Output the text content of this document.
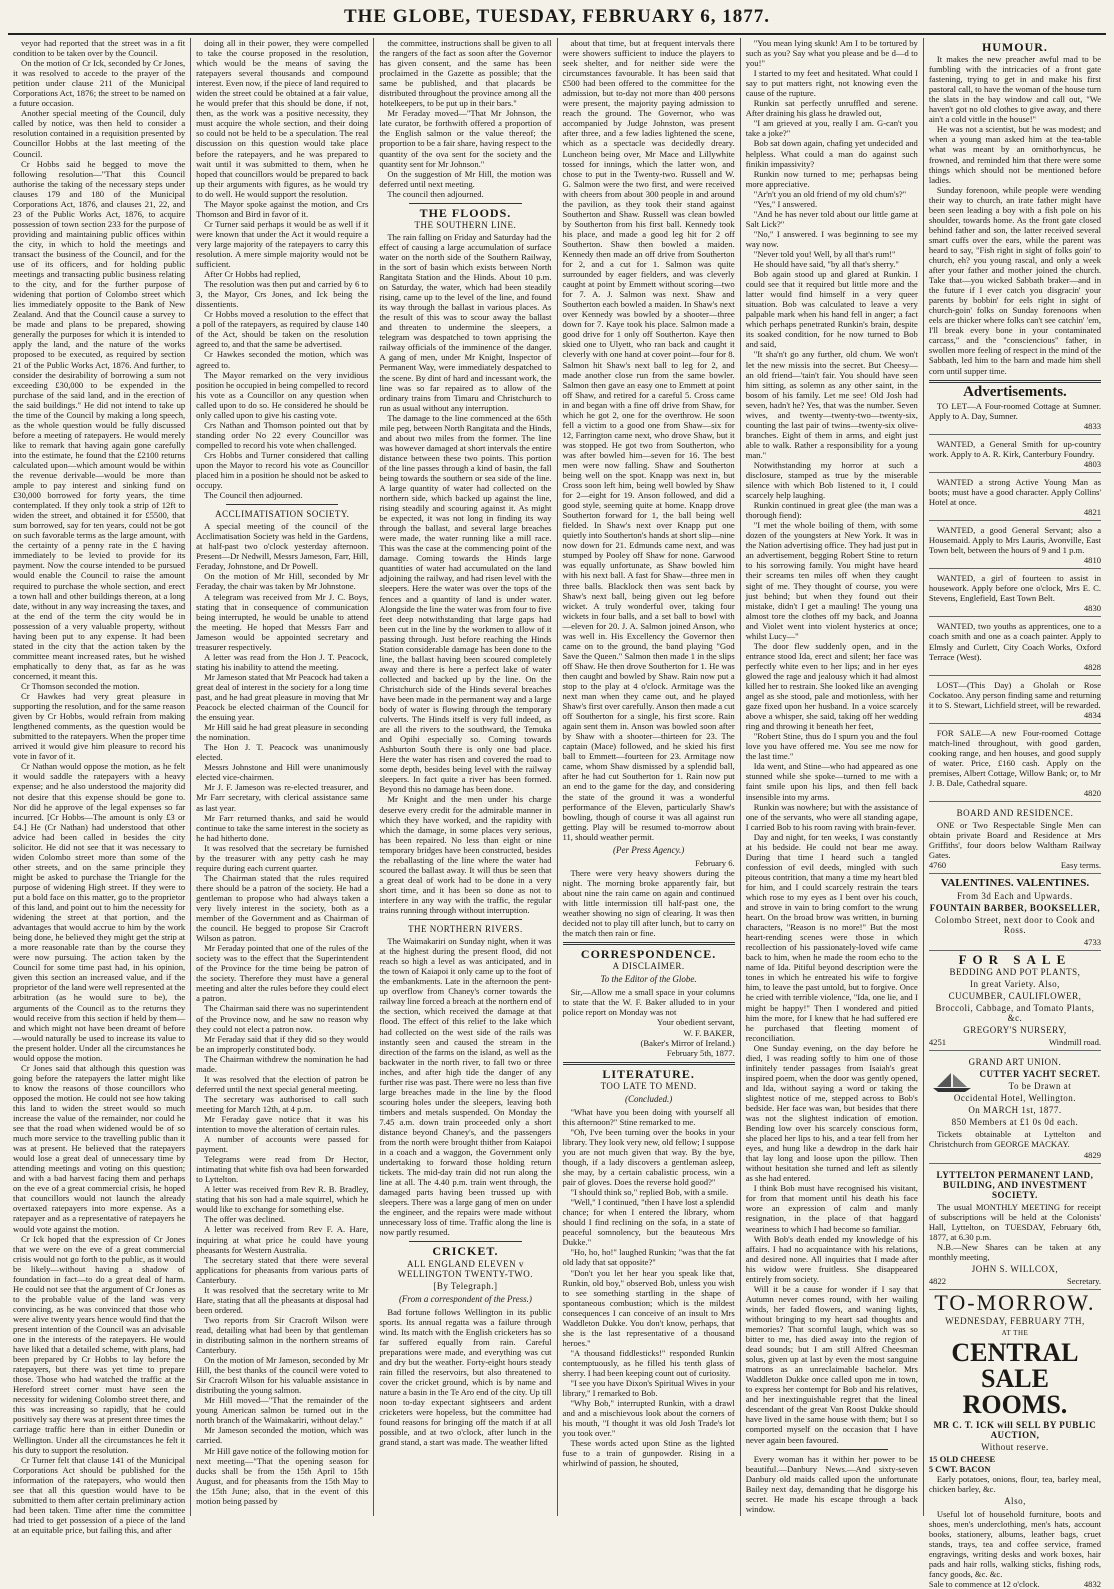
THE GLOBE, TUESDAY, FEBRUARY 6, 1877.

veyor had reported that the street was in a fit condition to be taken over by the Council.

On the motion of Cr Ick, seconded by Cr Jones, it was resolved to accede to the prayer of the petition under clause 211 of the Municipal Corporations Act, 1876; the street to be named on a future occasion.

Another special meeting of the Council, duly called by notice, was then held to consider a resolution contained in a requisition presented by Councillor Hobbs at the last meeting of the Council.

Cr Hobbs said he begged to move the following resolution—"That this Council authorise the taking of the necessary steps under clauses 179 and 180 of the Municipal Corporations Act, 1876, and clauses 21, 22, and 23 of the Public Works Act, 1876, to acquire possession of town section 233 for the purpose of providing and maintaining public offices within the city, in which to hold the meetings and transact the business of the Council, and for the use of its officers, and for holding public meetings and transacting public business relating to the city, and for the further purpose of widening that portion of Colombo street which lies immediately opposite to the Bank of New Zealand. And that the Council cause a survey to be made and plans to be prepared, showing generally the purposes for which it is intended to apply the land, and the nature of the works proposed to be executed, as required by section 21 of the Public Works Act, 1876. And further, to consider the desirability of borrowing a sum not exceeding £30,000 to be expended in the purchase of the said land, and in the erection of the said buildings." He did not intend to take up the time of the Council by making a long speech, as the whole question would be fully discussed before a meeting of ratepayers. He would merely like to remark that having again gone carefully into the estimate, he found that the £2100 returns calculated upon—which amount would be within the revenue derivable—would be more than ample to pay interest and sinking fund on £30,000 borrowed for forty years, the time contemplated. If they only took a strip of 12ft to widen the street, and obtained it for £5500, that sum borrowed, say for ten years, could not be got on such favorable terms as the large amount, with the certainty of a penny rate in the £ having immediately to be levied to provide for its payment. Now the course intended to be pursued would enable the Council to raise the amount required to purchase the whole section, and erect a town hall and other buildings thereon, at a long date, without in any way increasing the taxes, and at the end of the term the city would be in possession of a very valuable property, without having been put to any expense. It had been stated in the city that the action taken by the committee meant increased rates, but he wished emphatically to deny that, as far as he was concerned, it meant this.

Cr Thomson seconded the motion.

Cr Hawkes had very great pleasure in supporting the resolution, and for the same reason given by Cr Hobbs, would refrain from making lengthened comments, as the question would be submitted to the ratepayers. When the proper time arrived it would give him pleasure to record his vote in favor of it.

Cr Nathan would oppose the motion, as he felt it would saddle the ratepayers with a heavy expense; and he also understood the majority did not desire that this expense should be gone to. Nor did he approve of the legal expenses so far incurred. [Cr Hobbs—The amount is only £3 or £4.] He (Cr Nathan) had understood that other advice had been called in besides the city solicitor. He did not see that it was necessary to widen Colombo street more than some of the other streets, and on the same principle they might be asked to purchase the Triangle for the purpose of widening High street. If they were to put a bold face on this matter, go to the proprietor of this land, and point out to him the necessity for widening the street at that portion, and the advantages that would accrue to him by the work being done, he believed they might get the strip at a more reasonable rate than by the course they were now pursuing. The action taken by the Council for some time past had, in his opinion, given this section an increased value, and if the proprietor of the land were well represented at the arbitration (as he would sure to be), the arguments of the Council as to the returns they would receive from this section if held by them—and which might not have been dreamt of before—would naturally be used to increase its value to the present holder. Under all the circumstances he would oppose the motion.

Cr Jones said that although this question was going before the ratepayers the latter might like to know the reasons of those councillors who opposed the motion. He could not see how taking this land to widen the street would so much increase the value of the remainder, nor could he see that the road when widened would be of so much more service to the travelling public than it was at present. He believed that the ratepayers would lose a great deal of unnecessary time by attending meetings and voting on this question; and with a bad harvest facing them and perhaps on the eve of a great commercial crisis, he hoped that councillors would not launch the already overtaxed ratepayers into more expense. As a ratepayer and as a representative of ratepayers he would vote against the motion.

Cr Ick hoped that the expression of Cr Jones that we were on the eve of a great commercial crisis would not go forth to the public, as it would be likely—without having a shadow of foundation in fact—to do a great deal of harm. He could not see that the argument of Cr Jones as to the probable value of the land was very convincing, as he was convinced that those who were alive twenty years hence would find that the present intention of the Council was an advisable one in the interests of the ratepayers. He would have liked that a detailed scheme, with plans, had been prepared by Cr Hobbs to lay before the ratepayers, but there was yet time to prepare those. Those who had watched the traffic at the Hereford street corner must have seen the necessity for widening Colombo street there, and this was increasing so rapidly, that he could positively say there was at present three times the carriage traffic here than in either Dunedin or Wellington. Under all the circumstances he felt it his duty to support the resolution.

Cr Turner felt that clause 141 of the Municipal Corporations Act should be published for the information of the ratepayers, who would then see that all this question would have to be submitted to them after certain preliminary action had been taken. Time after time the committee had tried to get possession of a piece of the land at an equitable price, but failing this, and after

doing all in their power, they were compelled to take the course proposed in the resolution, which would be the means of saving the ratepayers several thousands and compound interest. Even now, if the piece of land required to widen the street could be obtained at a fair value, he would prefer that this should be done, if not, then, as the work was a positive necessity, they must acquire the whole section, and their doing so could not be held to be a speculation. The real discussion on this question would take place before the ratepayers, and he was prepared to wait until it was submitted to them, when he hoped that councillors would be prepared to back up their arguments with figures, as he would try to do well. He would support the resolution.

The Mayor spoke against the motion, and Crs Thomson and Bird in favor of it.

Cr Turner said perhaps it would be as well if it were known that under the Act it would require a very large majority of the ratepayers to carry this resolution. A mere simple majority would not be sufficient.

After Cr Hobbs had replied,

The resolution was then put and carried by 6 to 3, the Mayor, Crs Jones, and Ick being the dissentients.

Cr Hobbs moved a resolution to the effect that a poll of the ratepayers, as required by clause 140 of the Act, should be taken on the resolution agreed to, and that the same be advertised.

Cr Hawkes seconded the motion, which was agreed to.

The Mayor remarked on the very invidious position he occupied in being compelled to record his vote as a Councillor on any question when called upon to do so. He considered he should be only called upon to give his casting vote.

Crs Nathan and Thomson pointed out that by standing order No 22 every Councillor was compelled to record his vote when challenged.

Crs Hobbs and Turner considered that calling upon the Mayor to record his vote as Councillor placed him in a position he should not be asked to occupy.

The Council then adjourned.

ACCLIMATISATION SOCIETY.

A special meeting of the council of the Acclimatisation Society was held in the Gardens, at half-past two o'clock yesterday afternoon. Present—Dr Nedwill, Messrs Jameson, Farr, Hill, Feraday, Johnstone, and Dr Powell.

On the motion of Mr Hill, seconded by Mr Feraday, the chair was taken by Mr Johnstone.

A telegram was received from Mr J. C. Boys, stating that in consequence of communication being interrupted, he would be unable to attend the meeting. He hoped that Messrs Farr and Jameson would be appointed secretary and treasurer respectively.

A letter was read from the Hon J. T. Peacock, stating his inability to attend the meeting.

Mr Jameson stated that Mr Peacock had taken a great deal of interest in the society for a long time past, and he had great pleasure in moving that Mr Peacock be elected chairman of the Council for the ensuing year.

Mr Hill said he had great pleasure in seconding the nomination.

The Hon J. T. Peacock was unanimously elected.

Messrs Johnstone and Hill were unanimously elected vice-chairmen.

Mr J. F. Jameson was re-elected treasurer, and Mr Farr secretary, with clerical assistance same as last year.

Mr Farr returned thanks, and said he would continue to take the same interest in the society as he had hitherto done.

It was resolved that the secretary be furnished by the treasurer with any petty cash he may require during each current quarter.

The Chairman stated that the rules required there should be a patron of the society. He had a gentleman to propose who had always taken a very lively interest in the society, both as a member of the Government and as Chairman of the council. He begged to propose Sir Cracroft Wilson as patron.

Mr Feraday pointed that one of the rules of the society was to the effect that the Superintendent of the Province for the time being be patron of the society. Therefore they must have a general meeting and alter the rules before they could elect a patron.

The Chairman said there was no superintendent of the Province now, and he saw no reason why they could not elect a patron now.

Mr Feraday said that if they did so they would be an improperly constituted body.

The Chairman withdrew the nomination he had made.

It was resolved that the election of patron be deferred until the next special general meeting.

The secretary was authorised to call such meeting for March 12th, at 4 p.m.

Mr Feraday gave notice that it was his intention to move the alteration of certain rules.

A number of accounts were passed for payment.

Telegrams were read from Dr Hector, intimating that white fish ova had been forwarded to Lyttelton.

A letter was received from Rev R. B. Bradley, stating that his son had a male squirrel, which he would like to exchange for something else.

The offer was declined.

A letter was received from Rev F. A. Hare, inquiring at what price he could have young pheasants for Western Australia.

The secretary stated that there were several applications for pheasants from various parts of Canterbury.

It was resolved that the secretary write to Mr Hare, stating that all the pheasants at disposal had been ordered.

Two reports from Sir Cracroft Wilson were read, detailing what had been by that gentleman in distributing salmon in the northern streams of Canterbury.

On the motion of Mr Jameson, seconded by Mr Hill, the best thanks of the council were voted to Sir Cracroft Wilson for his valuable assistance in distributing the young salmon.

Mr Hill moved—"That the remainder of the young American salmon be turned out in the north branch of the Waimakariri, without delay."

Mr Jameson seconded the motion, which was carried.

Mr Hill gave notice of the following motion for next meeting—"That the opening season for ducks shall be from the 15th April to 15th August, and for pheasants from the 15th May to the 15th June; also, that in the event of this motion being passed by

the committee, instructions shall be given to all the rangers of the fact as soon after the Governor has given consent, and the same has been proclaimed in the Gazette as possible; that the same be published, and that placards be distributed throughout the province among all the hotelkeepers, to be put up in their bars."

Mr Feraday moved—"That Mr Johnson, the late curator, be forthwith offered a proportion of the English salmon or the value thereof; the proportion to be a fair share, having respect to the quantity of the ova sent for the society and the quantity sent for Mr Johnson."

On the suggestion of Mr Hill, the motion was deferred until next meeting.

The council then adjourned.

THE FLOODS.
THE SOUTHERN LINE.

The rain falling on Friday and Saturday had the effect of causing a large accumulation of surface water on the north side of the Southern Railway, in the sort of basin which exists between North Rangitata Station and the Hinds. About 10 p.m. on Saturday, the water, which had been steadily rising, came up to the level of the line, and found its way through the ballast in various places. As the result of this was to scour away the ballast and threaten to undermine the sleepers, a telegram was despatched to town apprising the railway officials of the imminence of the danger. A gang of men, under Mr Knight, Inspector of Permanent Way, were immediately despatched to the scene. By dint of hard and incessant work, the line was so far repaired as to allow of the ordinary trains from Timaru and Christchurch to run as usual without any interruption.

The damage to the line commenced at the 65th mile peg, between North Rangitata and the Hinds, and about two miles from the former. The line was however damaged at short intervals the entire distance between these two points. This portion of the line passes through a kind of basin, the fall being towards the southern or sea side of the line. A large quantity of water had collected on the northern side, which backed up against the line, rising steadily and scouring against it. As might be expected, it was not long in finding its way through the ballast, and several large breaches were made, the water running like a mill race. This was the case at the commencing point of the damage. Coming towards the Hinds large quantities of water had accumulated on the land adjoining the railway, and had risen level with the sleepers. Here the water was over the tops of the fences and a quantity of land is under water. Alongside the line the water was from four to five feet deep notwithstanding that large gaps had been cut in the line by the workmen to allow of it passing through. Just before reaching the Hinds Station considerable damage has been done to the line, the ballast having been scoured completely away and there is here a perfect lake of water collected and backed up by the line. On the Christchurch side of the Hinds several breaches have been made in the permanent way and a large body of water is flowing through the temporary culverts. The Hinds itself is very full indeed, as are all the rivers to the southward, the Temuka and Opihi especially so. Coming towards Ashburton South there is only one bad place. Here the water has risen and covered the road to some depth, besides being level with the railway sleepers. In fact quite a river has been formed. Beyond this no damage has been done.

Mr Knight and the men under his charge deserve every credit for the admirable manner in which they have worked, and the rapidity with which the damage, in some places very serious, has been repaired. No less than eight or nine temporary bridges have been constructed, besides the reballasting of the line where the water had scoured the ballast away. It will thus be seen that a great deal of work had to be done in a very short time, and it has been so done as not to interfere in any way with the traffic, the regular trains running through without interruption.

THE NORTHERN RIVERS.

The Waimakariri on Sunday night, when it was at the highest during the present flood, did not reach so high a level as was anticipated, and in the town of Kaiapoi it only came up to the foot of the embankments. Late in the afternoon the pent-up overflow from Chaney's corner towards the railway line forced a breach at the northern end of the section, which received the damage at that flood. The effect of this relief to the lake which had collected on the west side of the rails was instantly seen and caused the stream in the direction of the farms on the island, as well as the backwater in the north river, to fall two or three inches, and after high tide the danger of any further rise was past. There were no less than five large breaches made in the line by the flood scouring holes under the sleepers, leaving both timbers and metals suspended. On Monday the 7.45 a.m. down train proceeded only a short distance beyond Chaney's, and the passengers from the north were brought thither from Kaiapoi in a coach and a waggon, the Government only undertaking to forward those holding return tickets. The mid-day train did not run along the line at all. The 4.40 p.m. train went through, the damaged parts having been trussed up with sleepers. There was a large gang of men on under the engineer, and the repairs were made without unnecessary loss of time. Traffic along the line is now partly resumed.

CRICKET.
ALL ENGLAND ELEVEN v WELLINGTON TWENTY-TWO.
[By Telegraph.]
(From a correspondent of the Press.)

Bad fortune follows Wellington in its public sports. Its annual regatta was a failure through wind. Its match with the English cricketers has so far suffered equally from rain. Careful preparations were made, and everything was cut and dry but the weather. Forty-eight hours steady rain filled the reservoirs, but also threatened to cover the cricket ground, which is by name and nature a basin in the Te Aro end of the city. Up till noon to-day expectant sightseers and ardent cricketers were hopeless, but the committee had found reasons for bringing off the match if at all possible, and at two o'clock, after lunch in the grand stand, a start was made. The weather lifted

about that time, but at frequent intervals there were showers sufficient to induce the players to seek shelter, and for neither side were the circumstances favourable. It has been said that £500 had been offered to the committee for the admission, but to-day not more than 400 persons were present, the majority paying admission to reach the ground. The Governor, who was accompanied by Judge Johnston, was present after three, and a few ladies lightened the scene, which as a spectacle was decidedly dreary. Luncheon being over, Mr Mace and Lillywhite tossed for innings, which the latter won, and chose to put in the Twenty-two. Russell and W. G. Salmon were the two first, and were received with cheers from about 300 people in and around the pavilion, as they took their stand against Southerton and Shaw. Russell was clean bowled by Southerton from his first ball. Kennedy took his place, and made a good leg hit for 2 off Southerton. Shaw then bowled a maiden. Kennedy then made an off drive from Southerton for 2, and a cut for 1. Salmon was quite surrounded by eager fielders, and was cleverly caught at point by Emmett without scoring—two for 7. A. J. Salmon was next. Shaw and Southerton each bowled a maiden. In Shaw's next over Kennedy was bowled by a shooter—three down for 7. Kaye took his place. Salmon made a good drive for 1 only off Southerton. Kaye then skied one to Ulyett, who ran back and caught it cleverly with one hand at cover point—four for 8. Salmon hit Shaw's next ball to leg for 2, and made another close run from the same bowler. Salmon then gave an easy one to Emmett at point off Shaw, and retired for a careful 5. Cross came in and began with a fine off drive from Shaw, for which he got 2, one for the overthrow. He soon fell a victim to a good one from Shaw—six for 12, Farrington came next, who drove Shaw, but it was stopped. He got two from Southerton, who was after bowled him—seven for 16. The best men were now falling. Shaw and Southerton being well on the spot. Knapp was next in, but Cross soon left him, being well bowled by Shaw for 2—eight for 19. Anson followed, and did a good style, seeming quite at home. Knapp drove Southerton forward for 1, the ball being well fielded. In Shaw's next over Knapp put one quietly into Southerton's hands at short slip—nine now down for 21. Edmunds came next, and was stumped by Pooley off Shaw for none. Garwood was equally unfortunate, as Shaw bowled him with his next ball. A fast for Shaw—three men in three balls. Blacklock then was sent back by Shaw's next ball, being given out leg before wicket. A truly wonderful over, taking four wickets in four balls, and a set ball to bowl with—eleven for 20. J. A. Salmon joined Anson, who was well in. His Excellency the Governor then came on to the ground, the band playing "God Save the Queen." Salmon then made 1 in the slips off Shaw. He then drove Southerton for 1. He was then caught and bowled by Shaw. Rain now put a stop to the play at 4 o'clock. Armitage was the next man when they came out, and he played Shaw's first over carefully. Anson then made a cut off Southerton for a single, his first score. Rain again sent them in. Anson was bowled soon after by Shaw with a shooter—thirteen for 23. The captain (Mace) followed, and he skied his first ball to Emmett—fourteen for 23. Armitage now came, whom Shaw dismissed by a splendid ball, after he had cut Southerton for 1. Rain now put an end to the game for the day, and considering the state of the ground it was a wonderful performance of the Eleven, particularly Shaw's bowling, though of course it was all against run getting. Play will be resumed to-morrow about 11, should weather permit.

(Per Press Agency.)
February 6.

There were very heavy showers during the night. The morning broke apparently fair, but about nine the rain came on again and continued with little intermission till half-past one, the weather showing no sign of clearing. It was then decided not to play till after lunch, but to carry on the match then rain or fine.

CORRESPONDENCE.
A DISCLAIMER.
To the Editor of the Globe.

Sir,—Allow me a small space in your columns to state that the W. F. Baker alluded to in your police report on Monday was not

Your obedient servant,
W. F. BAKER,
(Baker's Mirror of Ireland.)
February 5th, 1877.
LITERATURE.
TOO LATE TO MEND.
(Concluded.)

"What have you been doing with yourself all this afternoon?" Stine remarked to me.

"Oh, I've been turning over the books in your library. They look very new, old fellow; I suppose you are not much given that way. By the bye, though, if a lady discovers a gentleman asleep, she may, by a certain cabalistic process, win a pair of gloves. Does the reverse hold good?"

"I should think so," replied Bob, with a smile.

"Well," I continued, "then I have lost a splendid chance; for when I entered the library, whom should I find reclining on the sofa, in a state of peaceful somnolency, but the beauteous Mrs Dukke."

"Ho, ho, ho!" laughed Runkin; "was that the fat old lady that sat opposite?"

"Don't you let her hear you speak like that, Runkin, old boy," observed Bob, unless you wish to see something startling in the shape of spontaneous combustion; which is the mildest consequences I can conceive of an insult to Mrs Waddleton Dukke. You don't know, perhaps, that she is the last representative of a thousand heroes."

"A thousand fiddlesticks!" responded Runkin contemptuously, as he filled his tenth glass of sherry. I had been keeping count out of curiosity.

"I see you have Dixon's Spiritual Wives in your library," I remarked to Bob.

"Why Bob," interrupted Runkin, with a drawl and and a mischievous look about the corners of his mouth, "I thought it was old Josh Trade's lot you took over."

These words acted upon Stine as the lighted fuse to a train of gunpowder. Rising in a whirlwind of passion, he shouted,

"You mean lying skunk! Am I to be tortured by such as you? Say what you please and be d—d to you!"

I started to my feet and hesitated. What could I say to put matters right, not knowing even the cause of the rupture.

Runkin sat perfectly unruffled and serene. After draining his glass he drawled out,

"I am grieved at you, really I am. G-can't you take a joke?"

Bob sat down again, chafing yet undecided and helpless. What could a man do against such finikin impassivity?

Runkin now turned to me; perhapsas being more appreciative.

"Ar'n't you an old friend of my old chum's?"

"Yes," I answered.

"And he has never told about our little game at Salt Lick?"

"No," I answered. I was beginning to see my way now.

"Never told you! Well, by all that's rum!"

He should have said, "by all that's sherry."

Bob again stood up and glared at Runkin. I could see that it required but little more and the latter would find himself in a very queer situation. Bob was calculated to leave a very palpable mark when his hand fell in anger; a fact which perhaps penetrated Runkin's brain, despite its soaked condition, for he now turned to Bob and said,

"It sha'n't go any further, old chum. We won't let the new missis into the secret. But Cheesy—an old friend—'tain't fair. You should have seen him sitting, as solemn as any other saint, in the bosom of his family. Let me see! Old Josh had seven, hadn't he? Yes, that was the number. Seven wives, and twenty—twenty-two—twenty-six, counting the last pair of twins—twenty-six olive-branches. Eight of them in arms, and eight just able to walk. Rather a responsibility for a young man."

Notwithstanding my horror at such a disclosure, stamped as true by the miserable silence with which Bob listened to it, I could scarcely help laughing.

Runkin continued in great glee (the man was a thorough fiend):

"I met the whole boiling of them, with some dozen of the youngsters at New York. It was in the Nation advertising office. They had just put in an advertisement, begging Robert Stine to return to his sorrowing family. You might have heard their screams ten miles off when they caught sight of me. They thought of course, you were just behind; but when they found out their mistake, didn't I get a mauling! The young una almost tore the clothes off my back, and Joanna and Violet went into violent hysterics at once; whilst Lucy—"

The door flew suddenly open, and in the entrance stood Ida, erect and silent; her face was perfectly white even to her lips; and in her eyes glowed the rage and jealousy which it had almost killed her to restrain. She looked like an avenging angel as she stood, pale and motionless, with her gaze fixed upon her husband. In a voice scarcely above a whisper, she said, taking off her wedding ring and throwing it beneath her feet,

"Robert Stine, thus do I spurn you and the foul love you have offered me. You see me now for the last time."

Ida went, and Stine—who had appeared as one stunned while she spoke—turned to me with a faint smile upon his lips, and then fell back insensible into my arms.

Runkin was nowhere; but with the assistance of one of the servants, who were all standing agape, I carried Bob to his room raving with brain-fever.

Day and night, for ten weeks, I was constantly at his bedside. He could not bear me away. During that time I heard such a tangled confession of evil deeds, mingled with such piteous contrition, that many a time my heart bled for him, and I could scarcely restrain the tears which rose to my eyes as I bent over his couch, and strove in vain to bring comfort to the wrung heart. On the broad brow was written, in burning characters, "Reason is no more!" But the most heart-rending scenes were those in which recollection of his passionately-loved wife came back to him, when he made the room echo to the name of Ida. Pitiful beyond description were the tones in which he entreated his wife to forgive him, to leave the past untold, but to forgive. Once he cried with terrible violence, "Ida, one lie, and I might be happy!" Then I wondered and pitied him the more, for I knew that he had suffered ere he purchased that fleeting moment of reconciliation.

One Sunday evening, on the day before he died, I was reading softly to him one of those infinitely tender passages from Isaiah's great inspired poem, when the door was gently opened, and Ida, without saying a word or taking the slightest notice of me, stepped across to Bob's bedside. Her face was wan, but besides that there was not the slightest indication of emotion. Bending low over his scarcely conscious form, she placed her lips to his, and a tear fell from her eyes, and hung like a dewdrop in the dark hair that lay long and loose upon the pillow. Then without hesitation she turned and left as silently as she had entered.

I think Bob must have recognised his visitant, for from that moment until his death his face wore an expression of calm and manly resignation, in the place of that haggard weariness to which I had become so familiar.

With Bob's death ended my knowledge of his affairs. I had no acquaintance with his relations, and desired none. All inquiries that I made after his widow were fruitless. She disappeared entirely from society.

Will it be a cause for wonder if I say that Autumn never comes round, with her wailing winds, her faded flowers, and waning lights, without bringing to my heart sad thoughts and memories? That scornful laugh, which was so bitter to me, has died away into the region of dead sounds; but I am still Alfred Cheesman solus, given up at last by even the most sanguine matrons as an unreclaimable bachelor. Mrs Waddleton Dukke once called upon me in town, to express her contempt for Bob and his relatives, and her inextinguishable regret that the lineal descendant of the great Van Roost Dukke should have lived in the same house with them; but I so comported myself on the occasion that I have never again been favoured.

Every woman has it within her power to be beautiful.—Danbury News.—And sixty-seven Danbury old maids called upon the unfortunate Bailey next day, demanding that he disgorge his secret. He made his escape through a back window.

HUMOUR.

It makes the new preacher awful mad to be fumbling with the intricacies of a front gate fastening, trying to get in and make his first pastoral call, to have the woman of the house turn the slats in the bay window and call out, "We haven't got no old clothes to give away, and there ain't a cold vittle in the house!"

He was not a scientist, but he was modest; and when a young man asked him at the tea-table what was meant by an ornithorhyncus, he frowned, and reminded him that there were some things which should not be mentioned before ladies.

Sunday forenoon, while people were wending their way to church, an irate father might have been seen leading a boy with a fish pole on his shoulder, towards home. As the front gate closed behind father and son, the latter received several smart cuffs over the ears, while the parent was heard to say, "Fish right in sight of folks goin' to church, eh? you young rascal, and only a week after your father and mother joined the church. Take that—you wicked Sabbath braker—and in the future if I ever catch you disgracin' your parents by bobbin' for eels right in sight of church-goin' folks on Sunday forenoons when eels are thicker where folks can't see catchin' 'em, I'll break every bone in your contaminated carcass," and the "consciencious" father, in swollen more feeling of respect in the mind of the Sabbath, led him to the barn and made him shell corn until supper time.

Advertisements.

TO LET—A Four-roomed Cottage at Sumner. Apply to A. Day, Sumner.

4833

WANTED, a General Smith for up-country work. Apply to A. R. Kirk, Canterbury Foundry.

4803

WANTED a strong Active Young Man as boots; must have a good character. Apply Collins' Hotel at once.

4821

WANTED, a good General Servant; also a Housemaid. Apply to Mrs Lauris, Avonville, East Town belt, between the hours of 9 and 1 p.m.

4810

WANTED, a girl of fourteen to assist in housework. Apply before one o'clock, Mrs E. C. Stevens, Englefield, East Town Belt.

4830

WANTED, two youths as apprentices, one to a coach smith and one as a coach painter. Apply to Elmsly and Curlett, City Coach Works, Oxford Terrace (West).

4828

LOST—(This Day) a Gholah or Rose Cockatoo. Any person finding same and returning it to S. Stewart, Lichfield street, will be rewarded.

4834

FOR SALE—A new Four-roomed Cottage match-lined throughout, with good garden, cooking range, and hen houses, and good supply of water. Price, £160 cash. Apply on the premises, Albert Cottage, Willow Bank; or, to Mr J. B. Dale, Cathedral square.

4820
BOARD AND RESIDENCE.

ONE or Two Respectable Single Men can obtain private Board and Residence at Mrs Griffiths', four doors below Waltham Railway Gates.

4760	Easy terms.
VALENTINES. VALENTINES.
From 3d Each and Upwards.
FOUNTAIN BARBER, BOOKSELLER,
Colombo Street, next door to Cook and Ross.
4733
FOR SALE
BEDDING AND POT PLANTS,
In great Variety. Also,
CUCUMBER, CAULIFLOWER,
Broccoli, Cabbage, and Tomato Plants, &c.
GREGORY'S NURSERY,
4251	Windmill road.
GRAND ART UNION.
CUTTER YACHT SECRET.
To be Drawn at
Occidental Hotel, Wellington.
On MARCH 1st, 1877.
850 Members at £1 0s 0d each.

Tickets obtainable at Lyttelton and Christchurch from GEORGE MACKAY.

4829
LYTTELTON PERMANENT LAND, BUILDING, AND INVESTMENT SOCIETY.

The usual MONTHLY MEETING for receipt of subscriptions will be held at the Colonists' Hall, Lyttelton, on TUESDAY, February 6th, 1877, at 6.30 p.m.

N.B.—New Shares can be taken at any monthly meeting,

JOHN S. WILLCOX,
4822	Secretary.
TO-MORROW.
WEDNESDAY, FEBRUARY 7TH,
AT THE
CENTRAL
SALE ROOMS.
MR C. T. ICK will SELL BY PUBLIC AUCTION,
Without reserve.
15 OLD CHEESE
5 CWT. BACON

Early potatoes, onions, flour, tea, barley meal, chicken barley, &c.

Also,

Useful lot of household furniture, boots and shoes, men's underclothing, men's hats, account books, stationery, albums, leather bags, cruet stands, trays, tea and coffee service, framed engravings, writing desks and work boxes, hair pads and hair rolls, walking sticks, fishing rods, fancy goods, &c. &c.

Sale to commence at 12 o'clock.	4832
